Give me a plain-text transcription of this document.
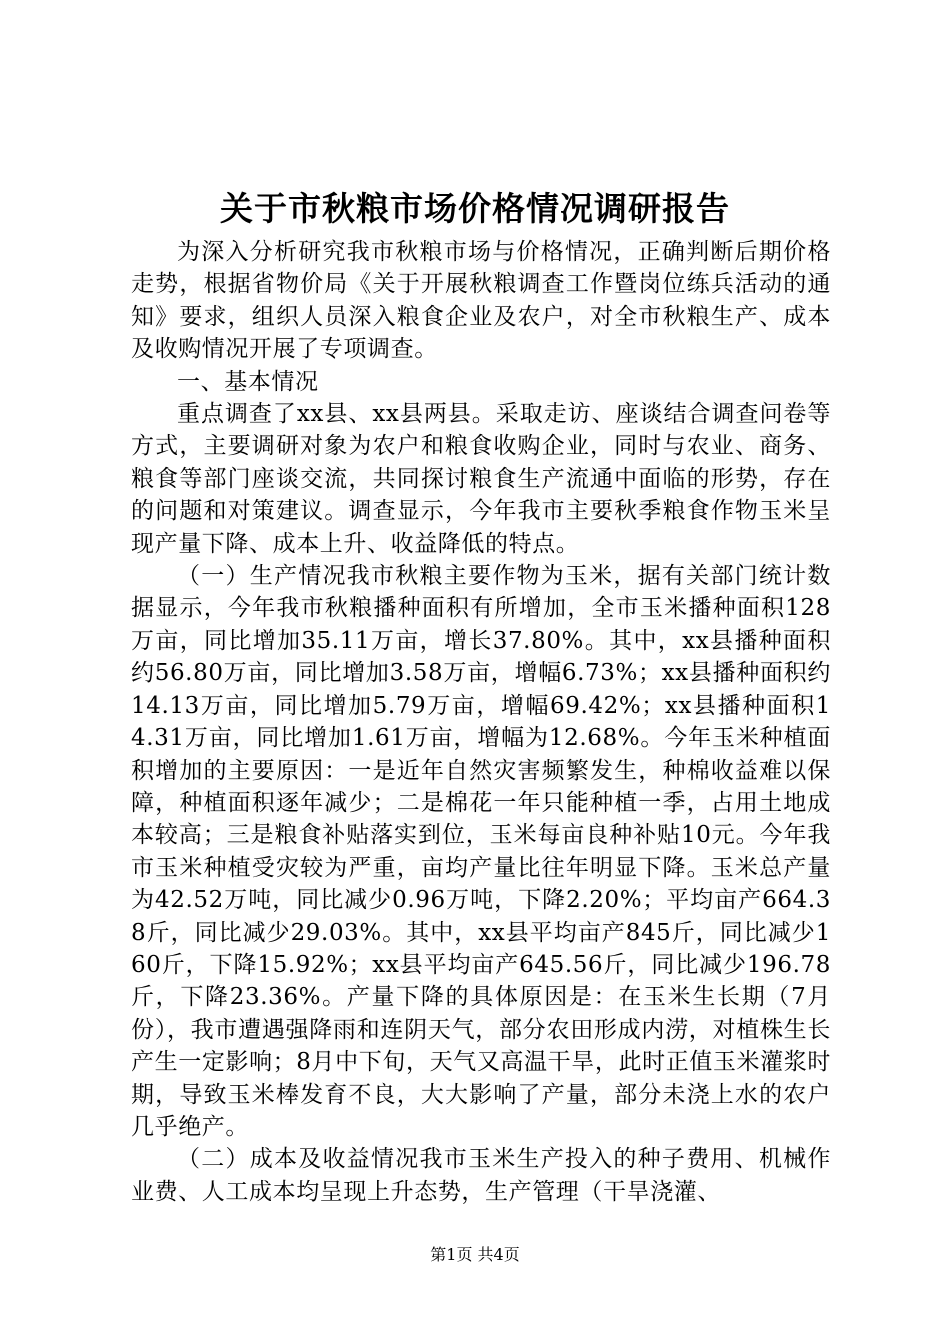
关于市秋粮市场价格情况调研报告

为深入分析研究我市秋粮市场与价格情况，正确判断后期价格走势，根据省物价局《关于开展秋粮调查工作暨岗位练兵活动的通知》要求，组织人员深入粮食企业及农户，对全市秋粮生产、成本及收购情况开展了专项调查。

一、基本情况

重点调查了xx县、xx县两县。采取走访、座谈结合调查问卷等方式，主要调研对象为农户和粮食收购企业，同时与农业、商务、粮食等部门座谈交流，共同探讨粮食生产流通中面临的形势，存在的问题和对策建议。调查显示，今年我市主要秋季粮食作物玉米呈现产量下降、成本上升、收益降低的特点。

（一）生产情况我市秋粮主要作物为玉米，据有关部门统计数据显示，今年我市秋粮播种面积有所增加，全市玉米播种面积128万亩，同比增加35.11万亩，增长37.80%。其中，xx县播种面积约56.80万亩，同比增加3.58万亩，增幅6.73%；xx县播种面积约14.13万亩，同比增加5.79万亩，增幅69.42%；xx县播种面积14.31万亩，同比增加1.61万亩，增幅为12.68%。今年玉米种植面积增加的主要原因：一是近年自然灾害频繁发生，种棉收益难以保障，种植面积逐年减少；二是棉花一年只能种植一季，占用土地成本较高；三是粮食补贴落实到位，玉米每亩良种补贴10元。今年我市玉米种植受灾较为严重，亩均产量比往年明显下降。玉米总产量为42.52万吨，同比减少0.96万吨，下降2.20%；平均亩产664.38斤，同比减少29.03%。其中，xx县平均亩产845斤，同比减少160斤，下降15.92%；xx县平均亩产645.56斤，同比减少196.78斤，下降23.36%。产量下降的具体原因是：在玉米生长期（7月份），我市遭遇强降雨和连阴天气，部分农田形成内涝，对植株生长产生一定影响；8月中下旬，天气又高温干旱，此时正值玉米灌浆时期，导致玉米棒发育不良，大大影响了产量，部分未浇上水的农户几乎绝产。

（二）成本及收益情况我市玉米生产投入的种子费用、机械作业费、人工成本均呈现上升态势，生产管理（干旱浇灌、

第1页 共4页
